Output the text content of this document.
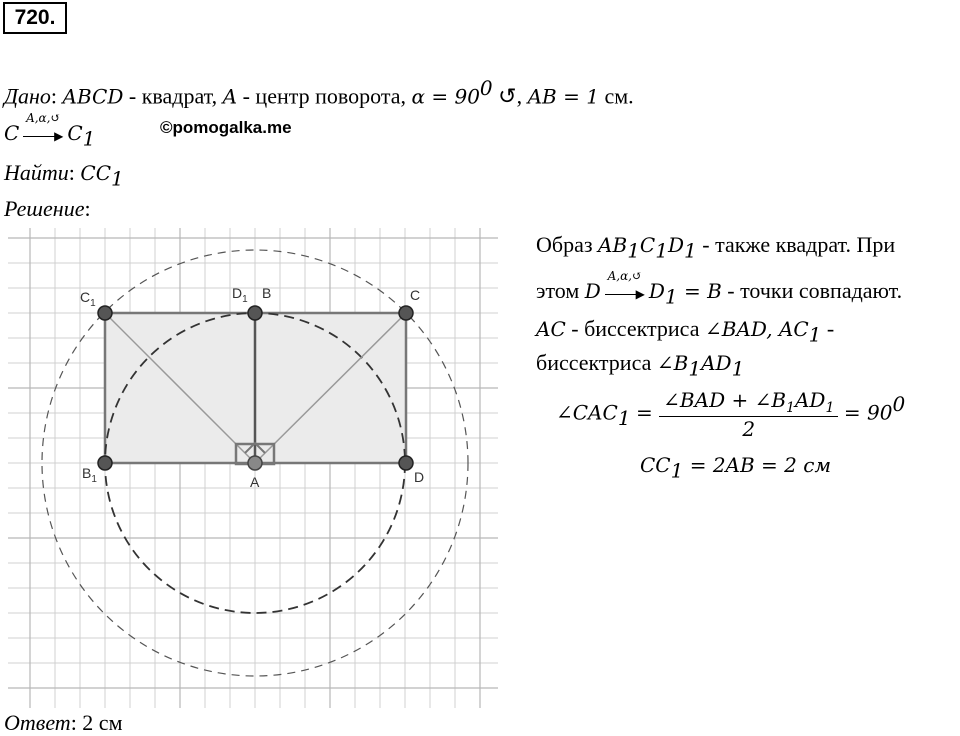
720.
Дано: ABCD - квадрат, A - центр поворота, $\alpha = 90^0$ ↺, AB = 1 см.
C
A,α,↺
▶ $C_1$	©pomogalka.me
Найти: $CC_1$
Решение:
$C_1$
$D_1$ B	C
$B_1$	A	D
Образ $AB_1C_1D_1$ - также квадрат. При
этом D
A,α,↺
▶ $D_1 = B$ - точки совпадают.
AC - биссектриса ∠BAD, $AC_1$ -
биссектриса $\angle B_1AD_1$
$\angle CAC_1 = \frac{\angle BAD + \angle B_1AD_1}{2} = 90^0$
$CC_1 = 2AB = 2$ см
Ответ: 2 см
